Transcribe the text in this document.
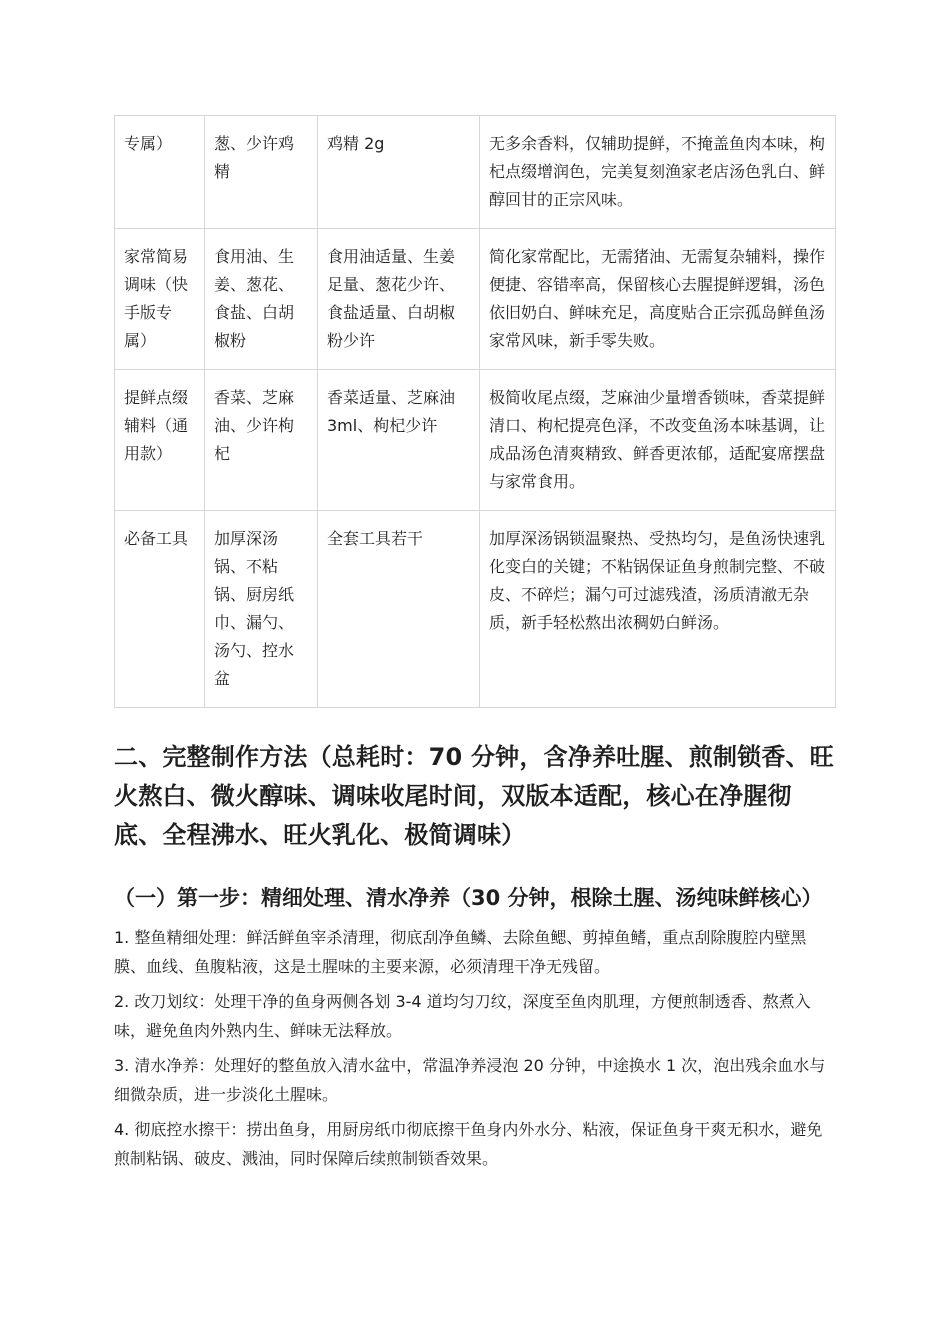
专属）	葱、少许鸡精	鸡精 2g	无多余香料，仅辅助提鲜，不掩盖鱼肉本味，枸杞点缀增润色，完美复刻渔家老店汤色乳白、鲜醇回甘的正宗风味。
家常简易调味（快手版专属）	食用油、生姜、葱花、食盐、白胡椒粉	食用油适量、生姜足量、葱花少许、食盐适量、白胡椒粉少许	简化家常配比，无需猪油、无需复杂辅料，操作便捷、容错率高，保留核心去腥提鲜逻辑，汤色依旧奶白、鲜味充足，高度贴合正宗孤岛鲜鱼汤家常风味，新手零失败。
提鲜点缀辅料（通用款）	香菜、芝麻油、少许枸杞	香菜适量、芝麻油 3ml、枸杞少许	极简收尾点缀，芝麻油少量增香锁味，香菜提鲜清口、枸杞提亮色泽，不改变鱼汤本味基调，让成品汤色清爽精致、鲜香更浓郁，适配宴席摆盘与家常食用。
必备工具	加厚深汤锅、不粘锅、厨房纸巾、漏勺、汤勺、控水盆	全套工具若干	加厚深汤锅锁温聚热、受热均匀，是鱼汤快速乳化变白的关键；不粘锅保证鱼身煎制完整、不破皮、不碎烂；漏勺可过滤残渣，汤质清澈无杂质，新手轻松熬出浓稠奶白鲜汤。
二、完整制作方法（总耗时：70 分钟，含净养吐腥、煎制锁香、旺火熬白、微火醇味、调味收尾时间，双版本适配，核心在净腥彻底、全程沸水、旺火乳化、极简调味）
（一）第一步：精细处理、清水净养（30 分钟，根除土腥、汤纯味鲜核心）

1. 整鱼精细处理：鲜活鲜鱼宰杀清理，彻底刮净鱼鳞、去除鱼鳃、剪掉鱼鳍，重点刮除腹腔内壁黑膜、血线、鱼腹粘液，这是土腥味的主要来源，必须清理干净无残留。

2. 改刀划纹：处理干净的鱼身两侧各划 3-4 道均匀刀纹，深度至鱼肉肌理，方便煎制透香、熬煮入味，避免鱼肉外熟内生、鲜味无法释放。

3. 清水净养：处理好的整鱼放入清水盆中，常温净养浸泡 20 分钟，中途换水 1 次，泡出残余血水与细微杂质，进一步淡化土腥味。

4. 彻底控水擦干：捞出鱼身，用厨房纸巾彻底擦干鱼身内外水分、粘液，保证鱼身干爽无积水，避免煎制粘锅、破皮、溅油，同时保障后续煎制锁香效果。
